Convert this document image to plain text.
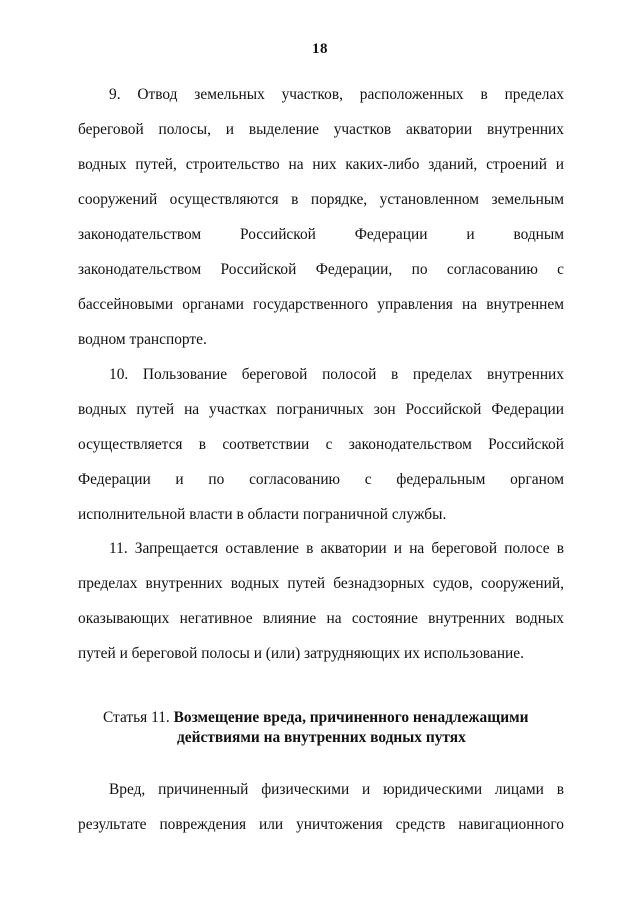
18
9. Отвод земельных участков, расположенных в пределах
береговой полосы, и выделение участков акватории внутренних
водных путей, строительство на них каких-либо зданий, строений и
сооружений осуществляются в порядке, установленном земельным
законодательством Российской Федерации и водным
законодательством Российской Федерации, по согласованию с
бассейновыми органами государственного управления на внутреннем
водном транспорте.
10. Пользование береговой полосой в пределах внутренних
водных путей на участках пограничных зон Российской Федерации
осуществляется в соответствии с законодательством Российской
Федерации и по согласованию с федеральным органом
исполнительной власти в области пограничной службы.
11. Запрещается оставление в акватории и на береговой полосе в
пределах внутренних водных путей безнадзорных судов, сооружений,
оказывающих негативное влияние на состояние внутренних водных
путей и береговой полосы и (или) затрудняющих их использование.
Статья 11. Возмещение вреда, причиненного ненадлежащими
действиями на внутренних водных путях
Вред, причиненный физическими и юридическими лицами в
результате повреждения или уничтожения средств навигационного
